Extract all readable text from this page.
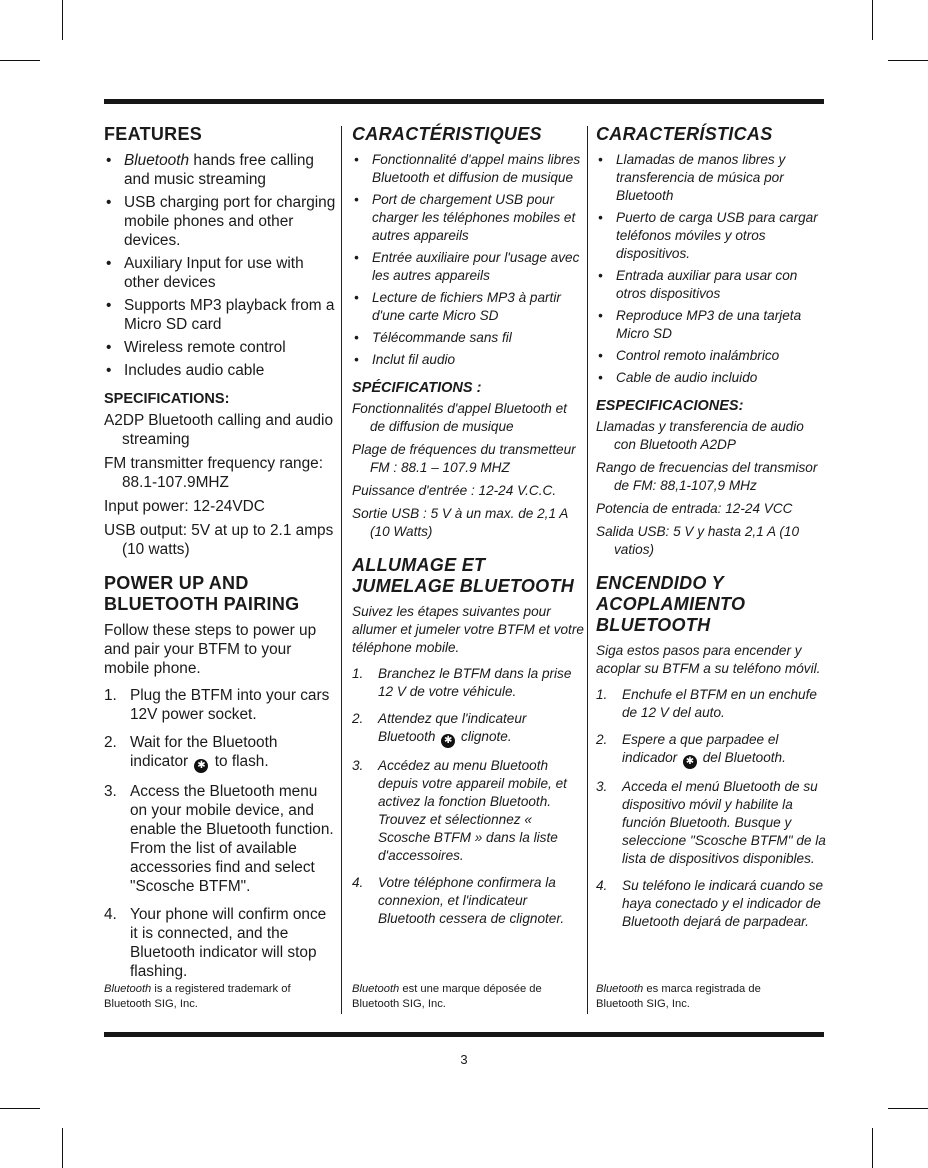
FEATURES
• Bluetooth hands free calling and music streaming
• USB charging port for charging mobile phones and other devices.
• Auxiliary Input for use with other devices
• Supports MP3 playback from a Micro SD card
• Wireless remote control
• Includes audio cable
SPECIFICATIONS:

A2DP Bluetooth calling and audio streaming

FM transmitter frequency range: 88.1-107.9MHZ

Input power: 12-24VDC

USB output: 5V at up to 2.1 amps (10 watts)

POWER UP AND
BLUETOOTH PAIRING

Follow these steps to power up and pair your BTFM to your mobile phone.

1. Plug the BTFM into your cars 12V power socket.
2. Wait for the Bluetooth indicator ✱ to flash.
3. Access the Bluetooth menu on your mobile device, and enable the Bluetooth function. From the list of available accessories find and select "Scosche BTFM".
4. Your phone will confirm once it is connected, and the Bluetooth indicator will stop flashing.
CARACTÉRISTIQUES
• Fonctionnalité d'appel mains libres Bluetooth et diffusion de musique
• Port de chargement USB pour charger les téléphones mobiles et autres appareils
• Entrée auxiliaire pour l'usage avec les autres appareils
• Lecture de fichiers MP3 à partir d'une carte Micro SD
• Télécommande sans fil
• Inclut fil audio
SPÉCIFICATIONS :

Fonctionnalités d'appel Bluetooth et de diffusion de musique

Plage de fréquences du transmetteur FM : 88.1 – 107.9 MHZ

Puissance d'entrée : 12-24 V.C.C.

Sortie USB : 5 V à un max. de 2,1 A (10 Watts)

ALLUMAGE ET
JUMELAGE BLUETOOTH

Suivez les étapes suivantes pour allumer et jumeler votre BTFM et votre téléphone mobile.

1. Branchez le BTFM dans la prise 12 V de votre véhicule.
2. Attendez que l'indicateur Bluetooth ✱ clignote.
3. Accédez au menu Bluetooth depuis votre appareil mobile, et activez la fonction Bluetooth. Trouvez et sélectionnez « Scosche BTFM » dans la liste d'accessoires.
4. Votre téléphone confirmera la connexion, et l'indicateur Bluetooth cessera de clignoter.
CARACTERÍSTICAS
• Llamadas de manos libres y transferencia de música por Bluetooth
• Puerto de carga USB para cargar teléfonos móviles y otros dispositivos.
• Entrada auxiliar para usar con otros dispositivos
• Reproduce MP3 de una tarjeta Micro SD
• Control remoto inalámbrico
• Cable de audio incluido
ESPECIFICACIONES:

Llamadas y transferencia de audio con Bluetooth A2DP

Rango de frecuencias del transmisor de FM: 88,1-107,9 MHz

Potencia de entrada: 12-24 VCC

Salida USB: 5 V y hasta 2,1 A (10 vatios)

ENCENDIDO Y
ACOPLAMIENTO
BLUETOOTH

Siga estos pasos para encender y acoplar su BTFM a su teléfono móvil.

1. Enchufe el BTFM en un enchufe de 12 V del auto.
2. Espere a que parpadee el indicador ✱ del Bluetooth.
3. Acceda el menú Bluetooth de su dispositivo móvil y habilite la función Bluetooth. Busque y seleccione "Scosche BTFM" de la lista de dispositivos disponibles.
4. Su teléfono le indicará cuando se haya conectado y el indicador de Bluetooth dejará de parpadear.
Bluetooth is a registered trademark of Bluetooth SIG, Inc.
Bluetooth est une marque déposée de Bluetooth SIG, Inc.
Bluetooth es marca registrada de Bluetooth SIG, Inc.
3
